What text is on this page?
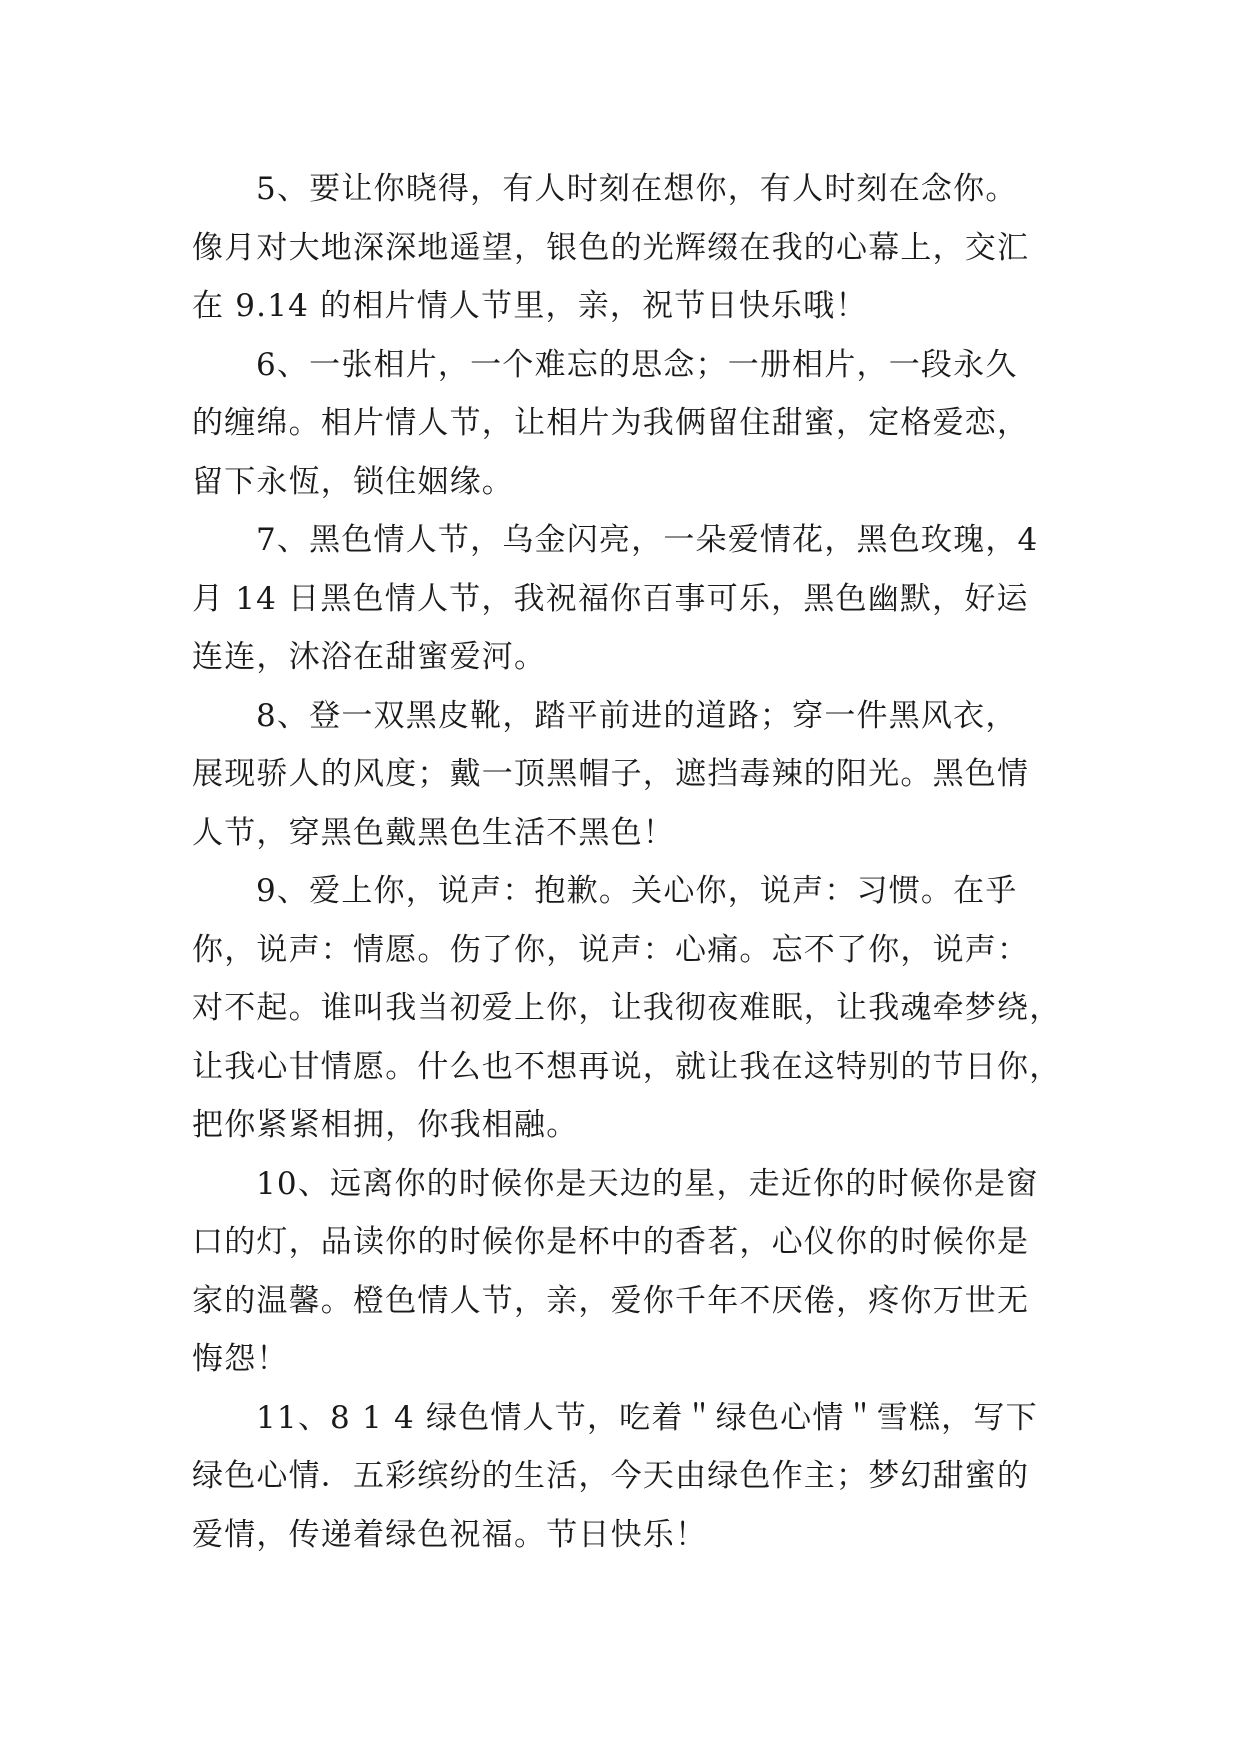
5、要让你晓得，有人时刻在想你，有人时刻在念你。
像月对大地深深地遥望，银色的光辉缀在我的心幕上，交汇
在 9.14 的相片情人节里，亲，祝节日快乐哦！
6、一张相片，一个难忘的思念；一册相片，一段永久
的缠绵。相片情人节，让相片为我俩留住甜蜜，定格爱恋，
留下永恆，锁住姻缘。
7、黑色情人节，乌金闪亮，一朵爱情花，黑色玫瑰，4
月 14 日黑色情人节，我祝福你百事可乐，黑色幽默，好运
连连，沐浴在甜蜜爱河。
8、登一双黑皮靴，踏平前进的道路；穿一件黑风衣，
展现骄人的风度；戴一顶黑帽子，遮挡毒辣的阳光。黑色情
人节，穿黑色戴黑色生活不黑色！
9、爱上你，说声：抱歉。关心你，说声：习惯。在乎
你，说声：情愿。伤了你，说声：心痛。忘不了你，说声：
对不起。谁叫我当初爱上你，让我彻夜难眠，让我魂牵梦绕，
让我心甘情愿。什么也不想再说，就让我在这特别的节日你，
把你紧紧相拥，你我相融。
10、远离你的时候你是天边的星，走近你的时候你是窗
口的灯，品读你的时候你是杯中的香茗，心仪你的时候你是
家的温馨。橙色情人节，亲，爱你千年不厌倦，疼你万世无
悔怨！
11、8 1 4 绿色情人节，吃着＂绿色心情＂雪糕，写下
绿色心情．五彩缤纷的生活，今天由绿色作主；梦幻甜蜜的
爱情，传递着绿色祝福。节日快乐！
